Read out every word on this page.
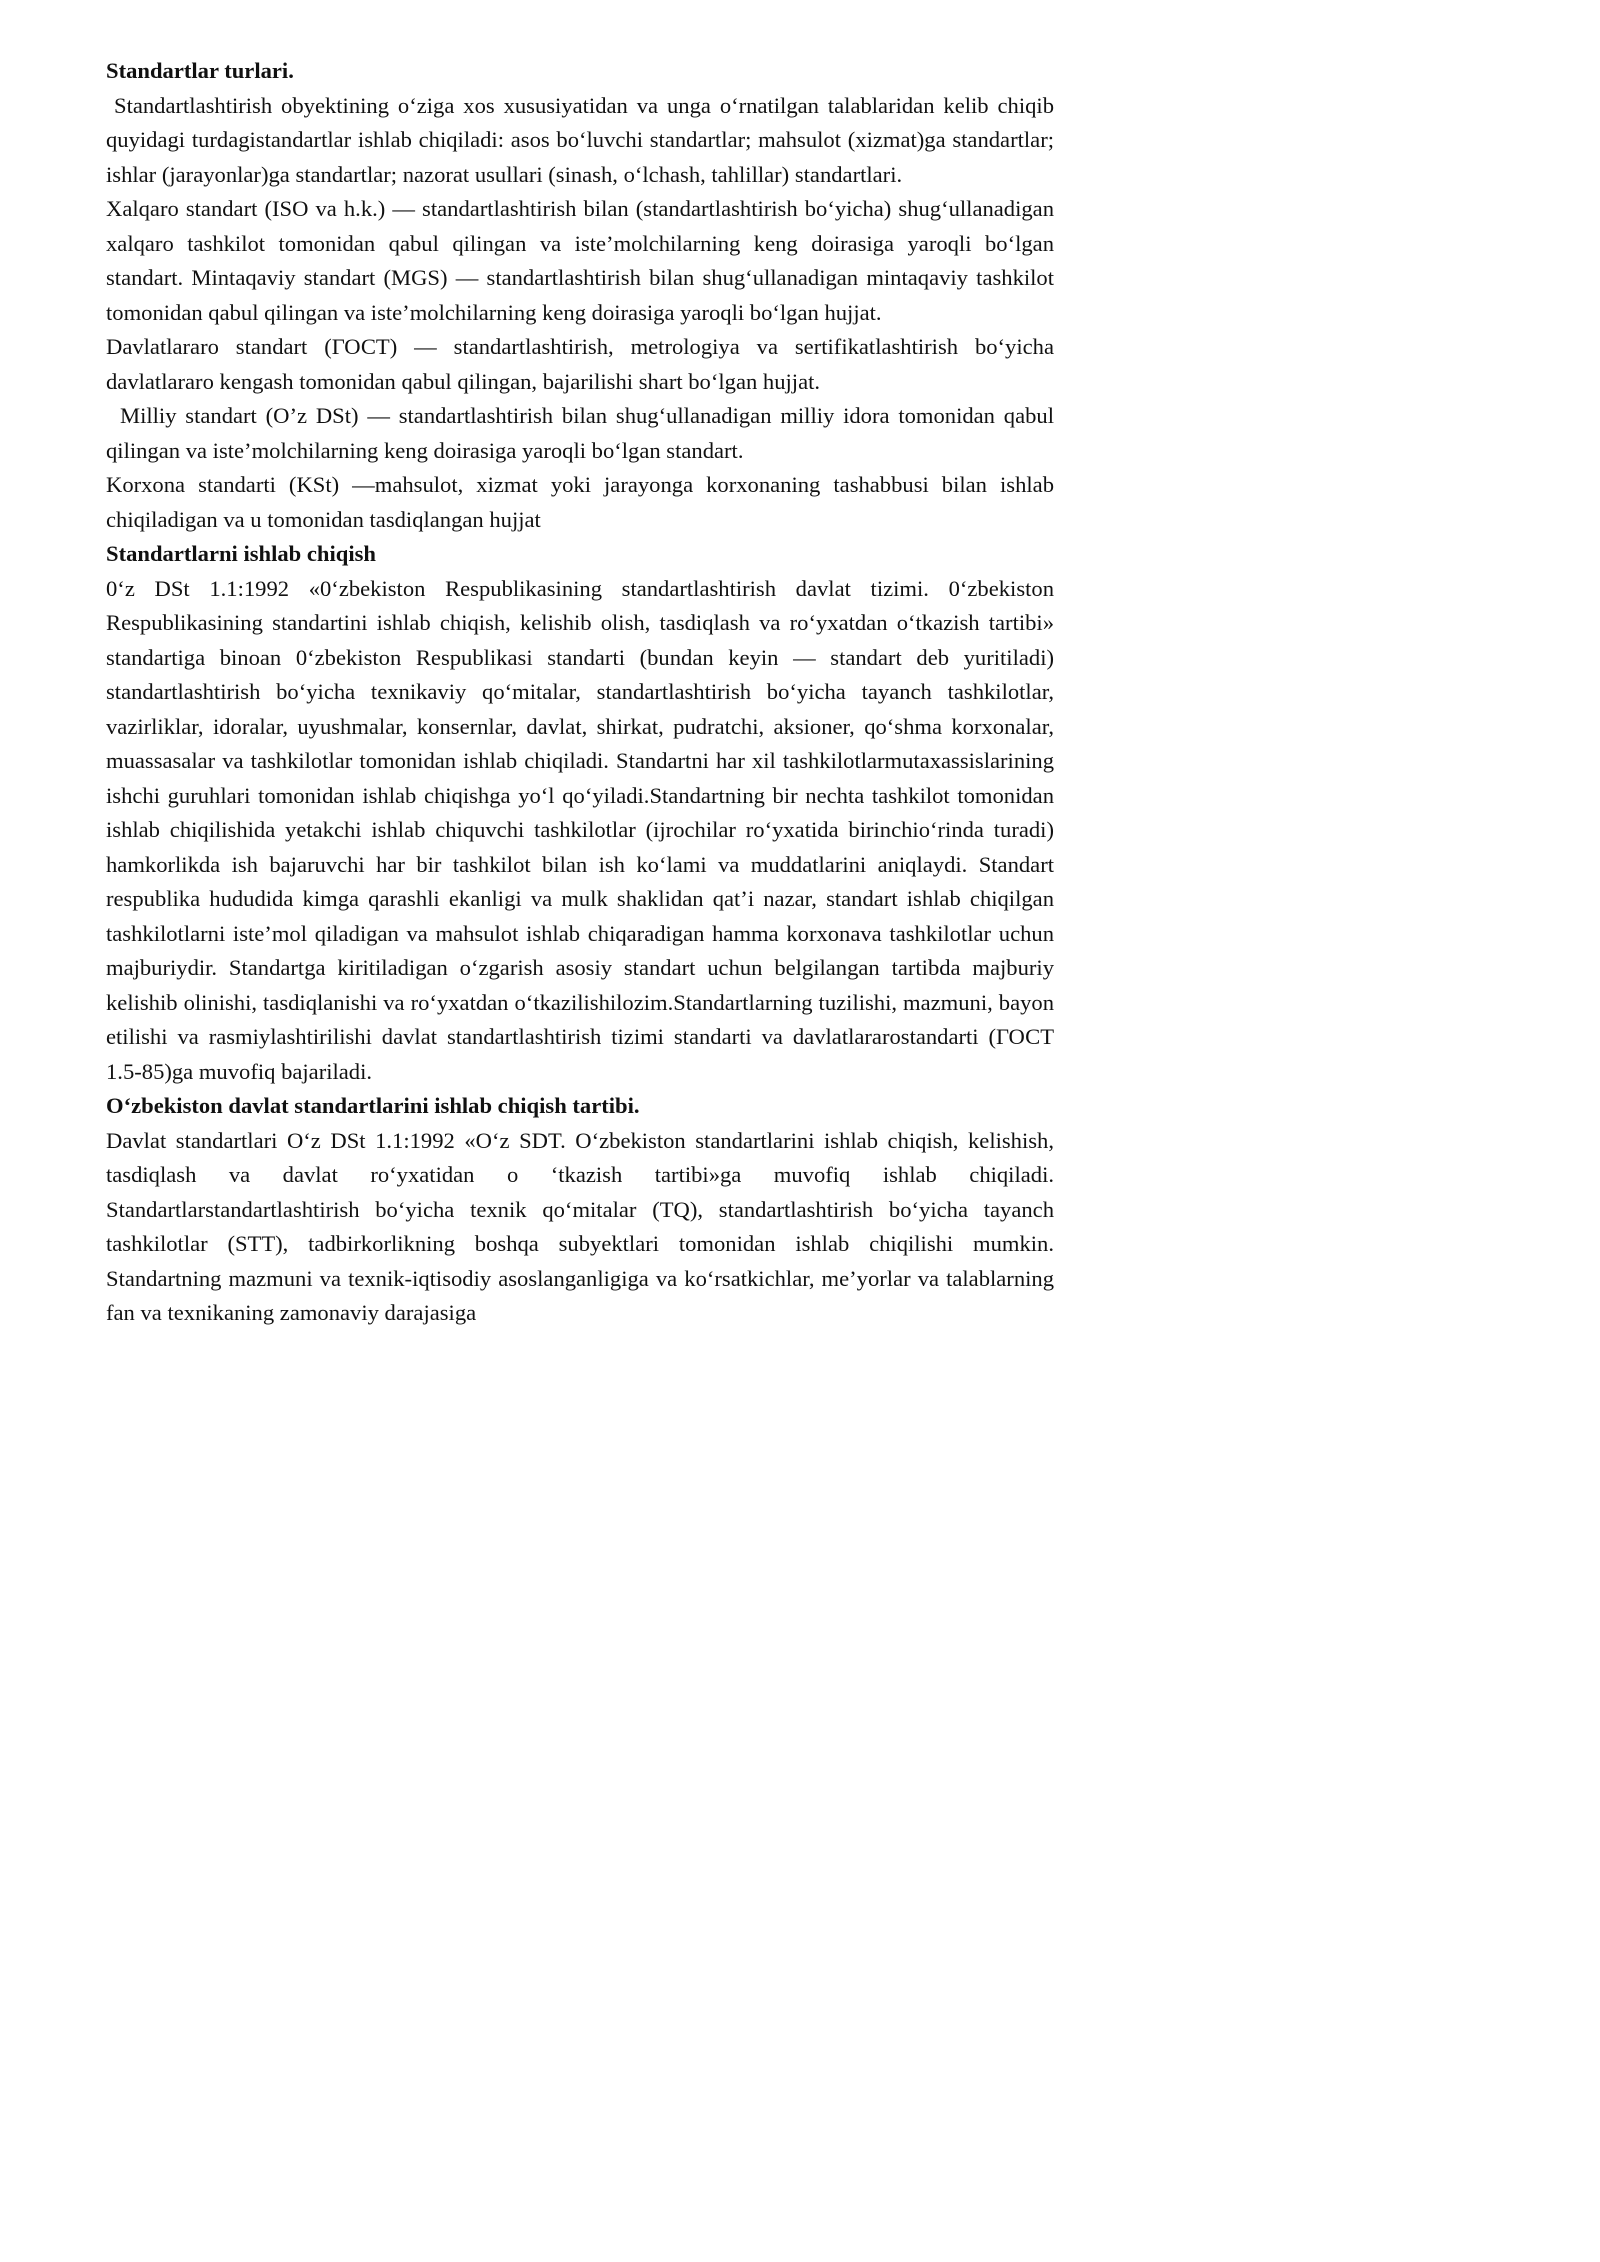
Standartlar turlari.

Standartlashtirish obyektining o‘ziga xos xususiyatidan va unga o‘rnatilgan talablaridan kelib chiqib quyidagi turdagistandartlar ishlab chiqiladi: asos bo‘luvchi standartlar; mahsulot (xizmat)ga standartlar; ishlar (jarayonlar)ga standartlar; nazorat usullari (sinash, o‘lchash, tahlillar) standartlari.

Xalqaro standart (ISO va h.k.) — standartlashtirish bilan (standartlashtirish bo‘yicha) shug‘ullanadigan xalqaro tashkilot tomonidan qabul qilingan va iste’molchilarning keng doirasiga yaroqli bo‘lgan standart. Mintaqaviy standart (MGS) — standartlashtirish bilan shug‘ullanadigan mintaqaviy tashkilot tomonidan qabul qilingan va iste’molchilarning keng doirasiga yaroqli bo‘lgan hujjat.

Davlatlararo standart (ГОСТ) — standartlashtirish, metrologiya va sertifikatlashtirish bo‘yicha davlatlararo kengash tomonidan qabul qilingan, bajarilishi shart bo‘lgan hujjat.

Milliy standart (O’z DSt) — standartlashtirish bilan shug‘ullanadigan milliy idora tomonidan qabul qilingan va iste’molchilarning keng doirasiga yaroqli bo‘lgan standart.

Korxona standarti (KSt) —mahsulot, xizmat yoki jarayonga korxonaning tashabbusi bilan ishlab chiqiladigan va u tomonidan tasdiqlangan hujjat

Standartlarni ishlab chiqish

0‘z DSt 1.1:1992 «0‘zbekiston Respublikasining standartlashtirish davlat tizimi. 0‘zbekiston Respublikasining standartini ishlab chiqish, kelishib olish, tasdiqlash va ro‘yxatdan o‘tkazish tartibi» standartiga binoan 0‘zbekiston Respublikasi standarti (bundan keyin — standart deb yuritiladi) standartlashtirish bo‘yicha texnikaviy qo‘mitalar, standartlashtirish bo‘yicha tayanch tashkilotlar, vazirliklar, idoralar, uyushmalar, konsernlar, davlat, shirkat, pudratchi, aksioner, qo‘shma korxonalar, muassasalar va tashkilotlar tomonidan ishlab chiqiladi. Standartni har xil tashkilotlarmutaxassislarining ishchi guruhlari tomonidan ishlab chiqishga yo‘l qo‘yiladi.Standartning bir nechta tashkilot tomonidan ishlab chiqilishida yetakchi ishlab chiquvchi tashkilotlar (ijrochilar ro‘yxatida birinchio‘rinda turadi) hamkorlikda ish bajaruvchi har bir tashkilot bilan ish ko‘lami va muddatlarini aniqlaydi. Standart respublika hududida kimga qarashli ekanligi va mulk shaklidan qat’i nazar, standart ishlab chiqilgan tashkilotlarni iste’mol qiladigan va mahsulot ishlab chiqaradigan hamma korxonava tashkilotlar uchun majburiydir. Standartga kiritiladigan o‘zgarish asosiy standart uchun belgilangan tartibda majburiy kelishib olinishi, tasdiqlanishi va ro‘yxatdan o‘tkazilishilozim.Standartlarning tuzilishi, mazmuni, bayon etilishi va rasmiylashtirilishi davlat standartlashtirish tizimi standarti va davlatlararostandarti (ГОСТ 1.5-85)ga muvofiq bajariladi.

O‘zbekiston davlat standartlarini ishlab chiqish tartibi.

Davlat standartlari O‘z DSt 1.1:1992 «O‘z SDT. O‘zbekiston standartlarini ishlab chiqish, kelishish, tasdiqlash va davlat ro‘yxatidan o ‘tkazish tartibi»ga muvofiq ishlab chiqiladi. Standartlarstandartlashtirish bo‘yicha texnik qo‘mitalar (TQ), standartlashtirish bo‘yicha tayanch tashkilotlar (STT), tadbirkorlikning boshqa subyektlari tomonidan ishlab chiqilishi mumkin. Standartning mazmuni va texnik-iqtisodiy asoslanganligiga va ko‘rsatkichlar, me’yorlar va talablarning fan va texnikaning zamonaviy darajasiga
